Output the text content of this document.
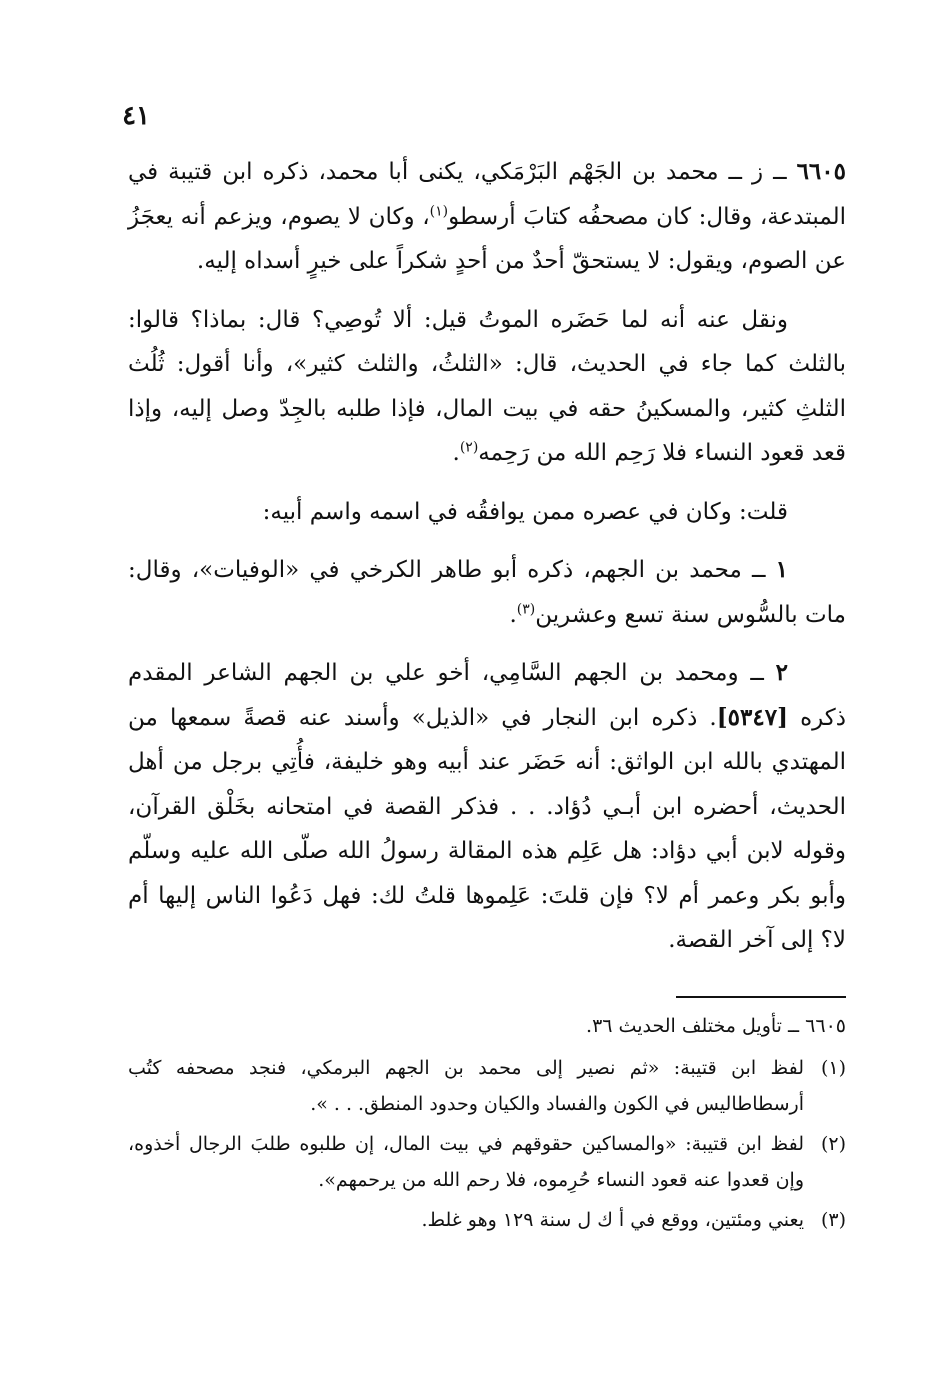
٤١

٦٦٠٥ ــ ز ــ محمد بن الجَهْم البَرْمَكي، يكنى أبا محمد، ذكره ابن قتيبة في المبتدعة، وقال: كان مصحفُه كتابَ أرسطو$^{(١)}$، وكان لا يصوم، ويزعم أنه يعجَزُ عن الصوم، ويقول: لا يستحقّ أحدٌ من أحدٍ شكراً على خيرٍ أسداه إليه.

ونقل عنه أنه لما حَضَره الموتُ قيل: ألا تُوصِي؟ قال: بماذا؟ قالوا: بالثلث كما جاء في الحديث، قال: «الثلثُ، والثلث كثير»، وأنا أقول: ثُلُث الثلثِ كثير، والمسكينُ حقه في بيت المال، فإذا طلبه بالجِدّ وصل إليه، وإذا قعد قعود النساء فلا رَحِم الله من رَحِمه$^{(٢)}$.

قلت: وكان في عصره ممن يوافقُه في اسمه واسم أبيه:

١ ــ محمد بن الجهم، ذكره أبو طاهر الكرخي في «الوفيات»، وقال: مات بالسُّوس سنة تسع وعشرين$^{(٣)}$.

٢ ــ ومحمد بن الجهم السَّامِي، أخو علي بن الجهم الشاعر المقدم ذكره [٥٣٤٧]. ذكره ابن النجار في «الذيل» وأسند عنه قصةً سمعها من المهتدي بالله ابن الواثق: أنه حَضَر عند أبيه وهو خليفة، فأُتِي برجل من أهل الحديث، أحضره ابن أبـي دُؤاد. . . فذكر القصة في امتحانه بخَلْق القرآن، وقوله لابن أبي دؤاد: هل عَلِم هذه المقالة رسولُ الله صلّى الله عليه وسلّم وأبو بكر وعمر أم لا؟ فإن قلتَ: عَلِموها قلتُ لك: فهل دَعُوا الناس إليها أم لا؟ إلى آخر القصة.

٦٦٠٥ ــ تأويل مختلف الحديث ٣٦.

(١)
لفظ ابن قتيبة: «ثم نصير إلى محمد بن الجهم البرمكي، فنجد مصحفه كتُب أرسطاطاليس في الكون والفساد والكيان وحدود المنطق. . . ».
(٢)
لفظ ابن قتيبة: «والمساكين حقوقهم في بيت المال، إن طلبوه طلبَ الرجال أخذوه، وإن قعدوا عنه قعود النساء حُرِموه، فلا رحم الله من يرحمهم».
(٣)
يعني ومئتين، ووقع في أ ك ل سنة ١٢٩ وهو غلط.
